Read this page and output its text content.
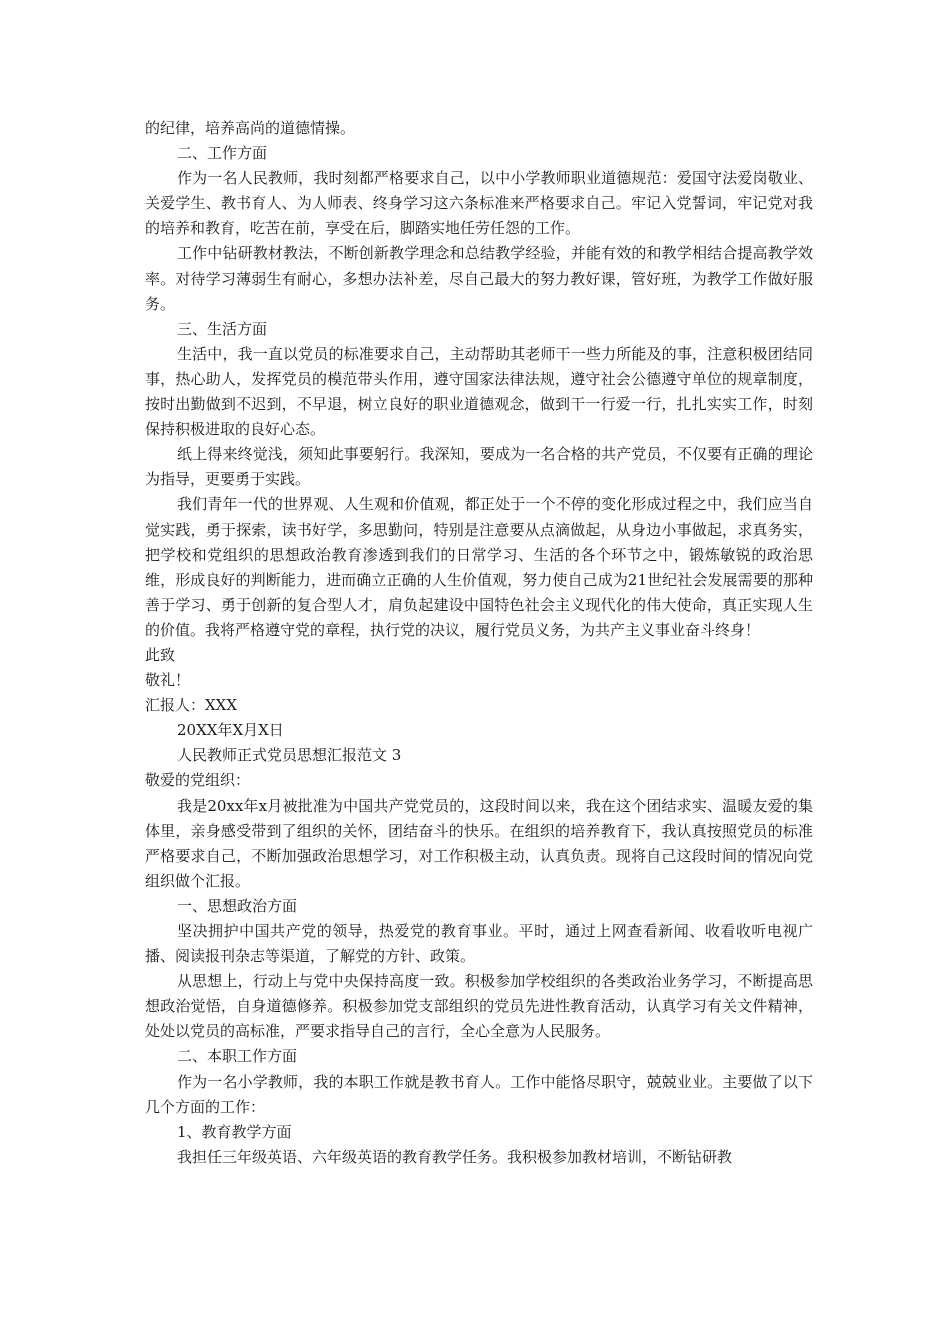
的纪律，培养高尚的道德情操。

二、工作方面

作为一名人民教师，我时刻都严格要求自己，以中小学教师职业道德规范：爱国守法爱岗敬业、关爱学生、教书育人、为人师表、终身学习这六条标准来严格要求自己。牢记入党誓词，牢记党对我的培养和教育，吃苦在前，享受在后，脚踏实地任劳任怨的工作。

工作中钻研教材教法，不断创新教学理念和总结教学经验，并能有效的和教学相结合提高教学效率。对待学习薄弱生有耐心，多想办法补差，尽自己最大的努力教好课，管好班，为教学工作做好服务。

三、生活方面

生活中，我一直以党员的标准要求自己，主动帮助其老师干一些力所能及的事，注意积极团结同事，热心助人，发挥党员的模范带头作用，遵守国家法律法规，遵守社会公德遵守单位的规章制度，按时出勤做到不迟到，不早退，树立良好的职业道德观念，做到干一行爱一行，扎扎实实工作，时刻保持积极进取的良好心态。

纸上得来终觉浅，须知此事要躬行。我深知，要成为一名合格的共产党员，不仅要有正确的理论为指导，更要勇于实践。

我们青年一代的世界观、人生观和价值观，都正处于一个不停的变化形成过程之中，我们应当自觉实践，勇于探索，读书好学，多思勤问，特别是注意要从点滴做起，从身边小事做起，求真务实，把学校和党组织的思想政治教育渗透到我们的日常学习、生活的各个环节之中，锻炼敏锐的政治思维，形成良好的判断能力，进而确立正确的人生价值观，努力使自己成为21世纪社会发展需要的那种善于学习、勇于创新的复合型人才，肩负起建设中国特色社会主义现代化的伟大使命，真正实现人生的价值。我将严格遵守党的章程，执行党的决议，履行党员义务，为共产主义事业奋斗终身！

此致

敬礼！

汇报人：XXX

20XX年X月X日

人民教师正式党员思想汇报范文 3

敬爱的党组织：

我是20xx年x月被批准为中国共产党党员的，这段时间以来，我在这个团结求实、温暖友爱的集体里，亲身感受带到了组织的关怀，团结奋斗的快乐。在组织的培养教育下，我认真按照党员的标准严格要求自己，不断加强政治思想学习，对工作积极主动，认真负责。现将自己这段时间的情况向党组织做个汇报。

一、思想政治方面

坚决拥护中国共产党的领导，热爱党的教育事业。平时，通过上网查看新闻、收看收听电视广播、阅读报刊杂志等渠道，了解党的方针、政策。

从思想上，行动上与党中央保持高度一致。积极参加学校组织的各类政治业务学习，不断提高思想政治觉悟，自身道德修养。积极参加党支部组织的党员先进性教育活动，认真学习有关文件精神，处处以党员的高标准，严要求指导自己的言行，全心全意为人民服务。

二、本职工作方面

作为一名小学教师，我的本职工作就是教书育人。工作中能恪尽职守，兢兢业业。主要做了以下几个方面的工作：

1、教育教学方面

我担任三年级英语、六年级英语的教育教学任务。我积极参加教材培训，不断钻研教
